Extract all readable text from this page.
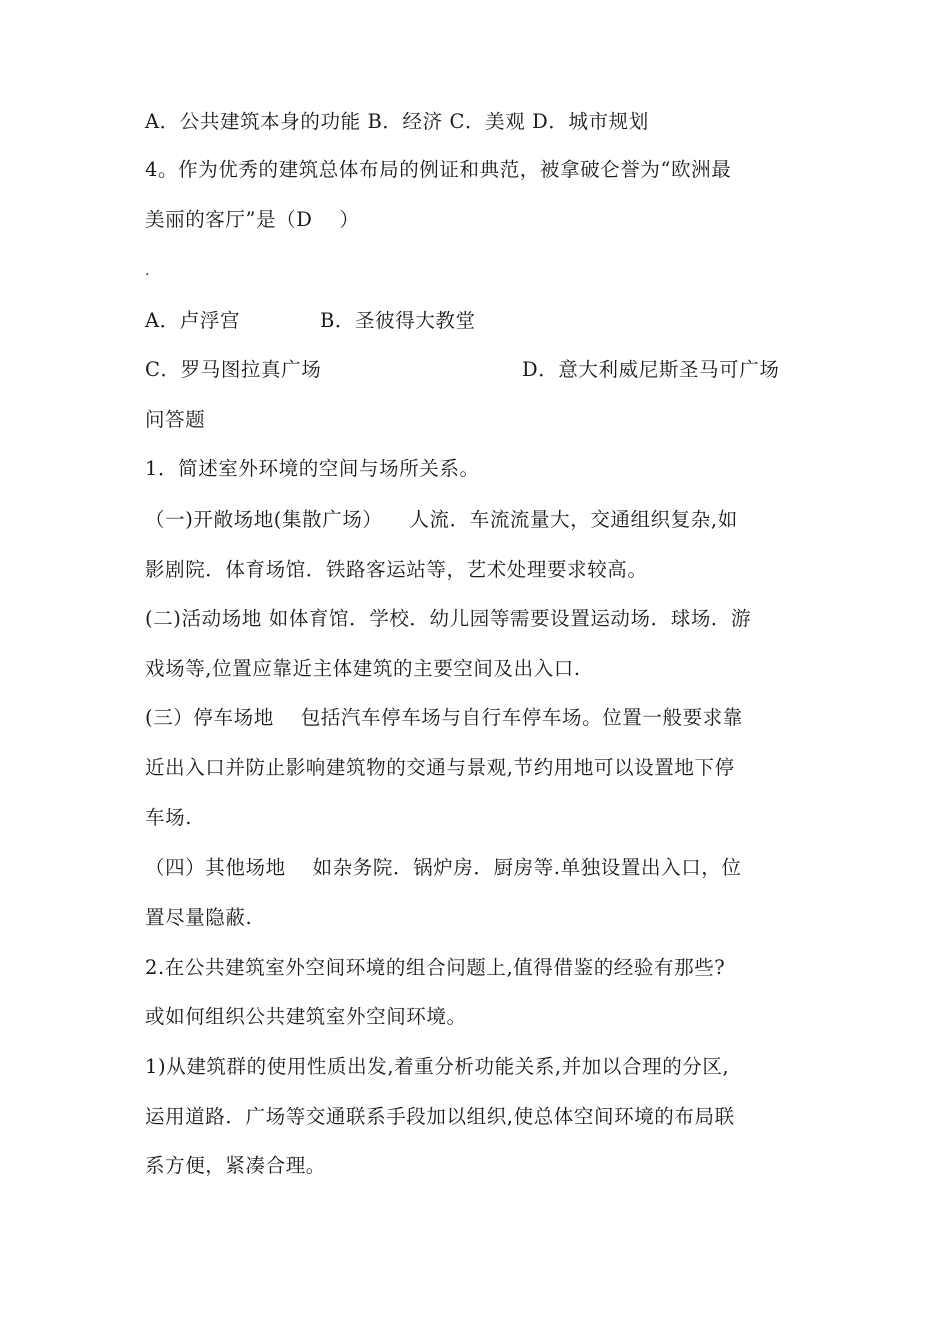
A．公共建筑本身的功能 B．经济 C．美观 D．城市规划
4。作为优秀的建筑总体布局的例证和典范，被拿破仑誉为“欧洲最
美丽的客厅”是（D　 ）
.
A．卢浮宫	B．圣彼得大教堂
C．罗马图拉真广场	D．意大利威尼斯圣马可广场
问答题
1．简述室外环境的空间与场所关系。
（一)开敞场地(集散广场） 　人流．车流流量大，交通组织复杂,如
影剧院．体育场馆．铁路客运站等，艺术处理要求较高。
(二)活动场地 如体育馆．学校．幼儿园等需要设置运动场．球场．游
戏场等,位置应靠近主体建筑的主要空间及出入口.
(三）停车场地 　包括汽车停车场与自行车停车场。位置一般要求靠
近出入口并防止影响建筑物的交通与景观,节约用地可以设置地下停
车场.
（四）其他场地 　如杂务院．锅炉房．厨房等.单独设置出入口，位
置尽量隐蔽.
2.在公共建筑室外空间环境的组合问题上,值得借鉴的经验有那些?
或如何组织公共建筑室外空间环境。
1)从建筑群的使用性质出发,着重分析功能关系,并加以合理的分区,
运用道路．广场等交通联系手段加以组织,使总体空间环境的布局联
系方便，紧凑合理。
